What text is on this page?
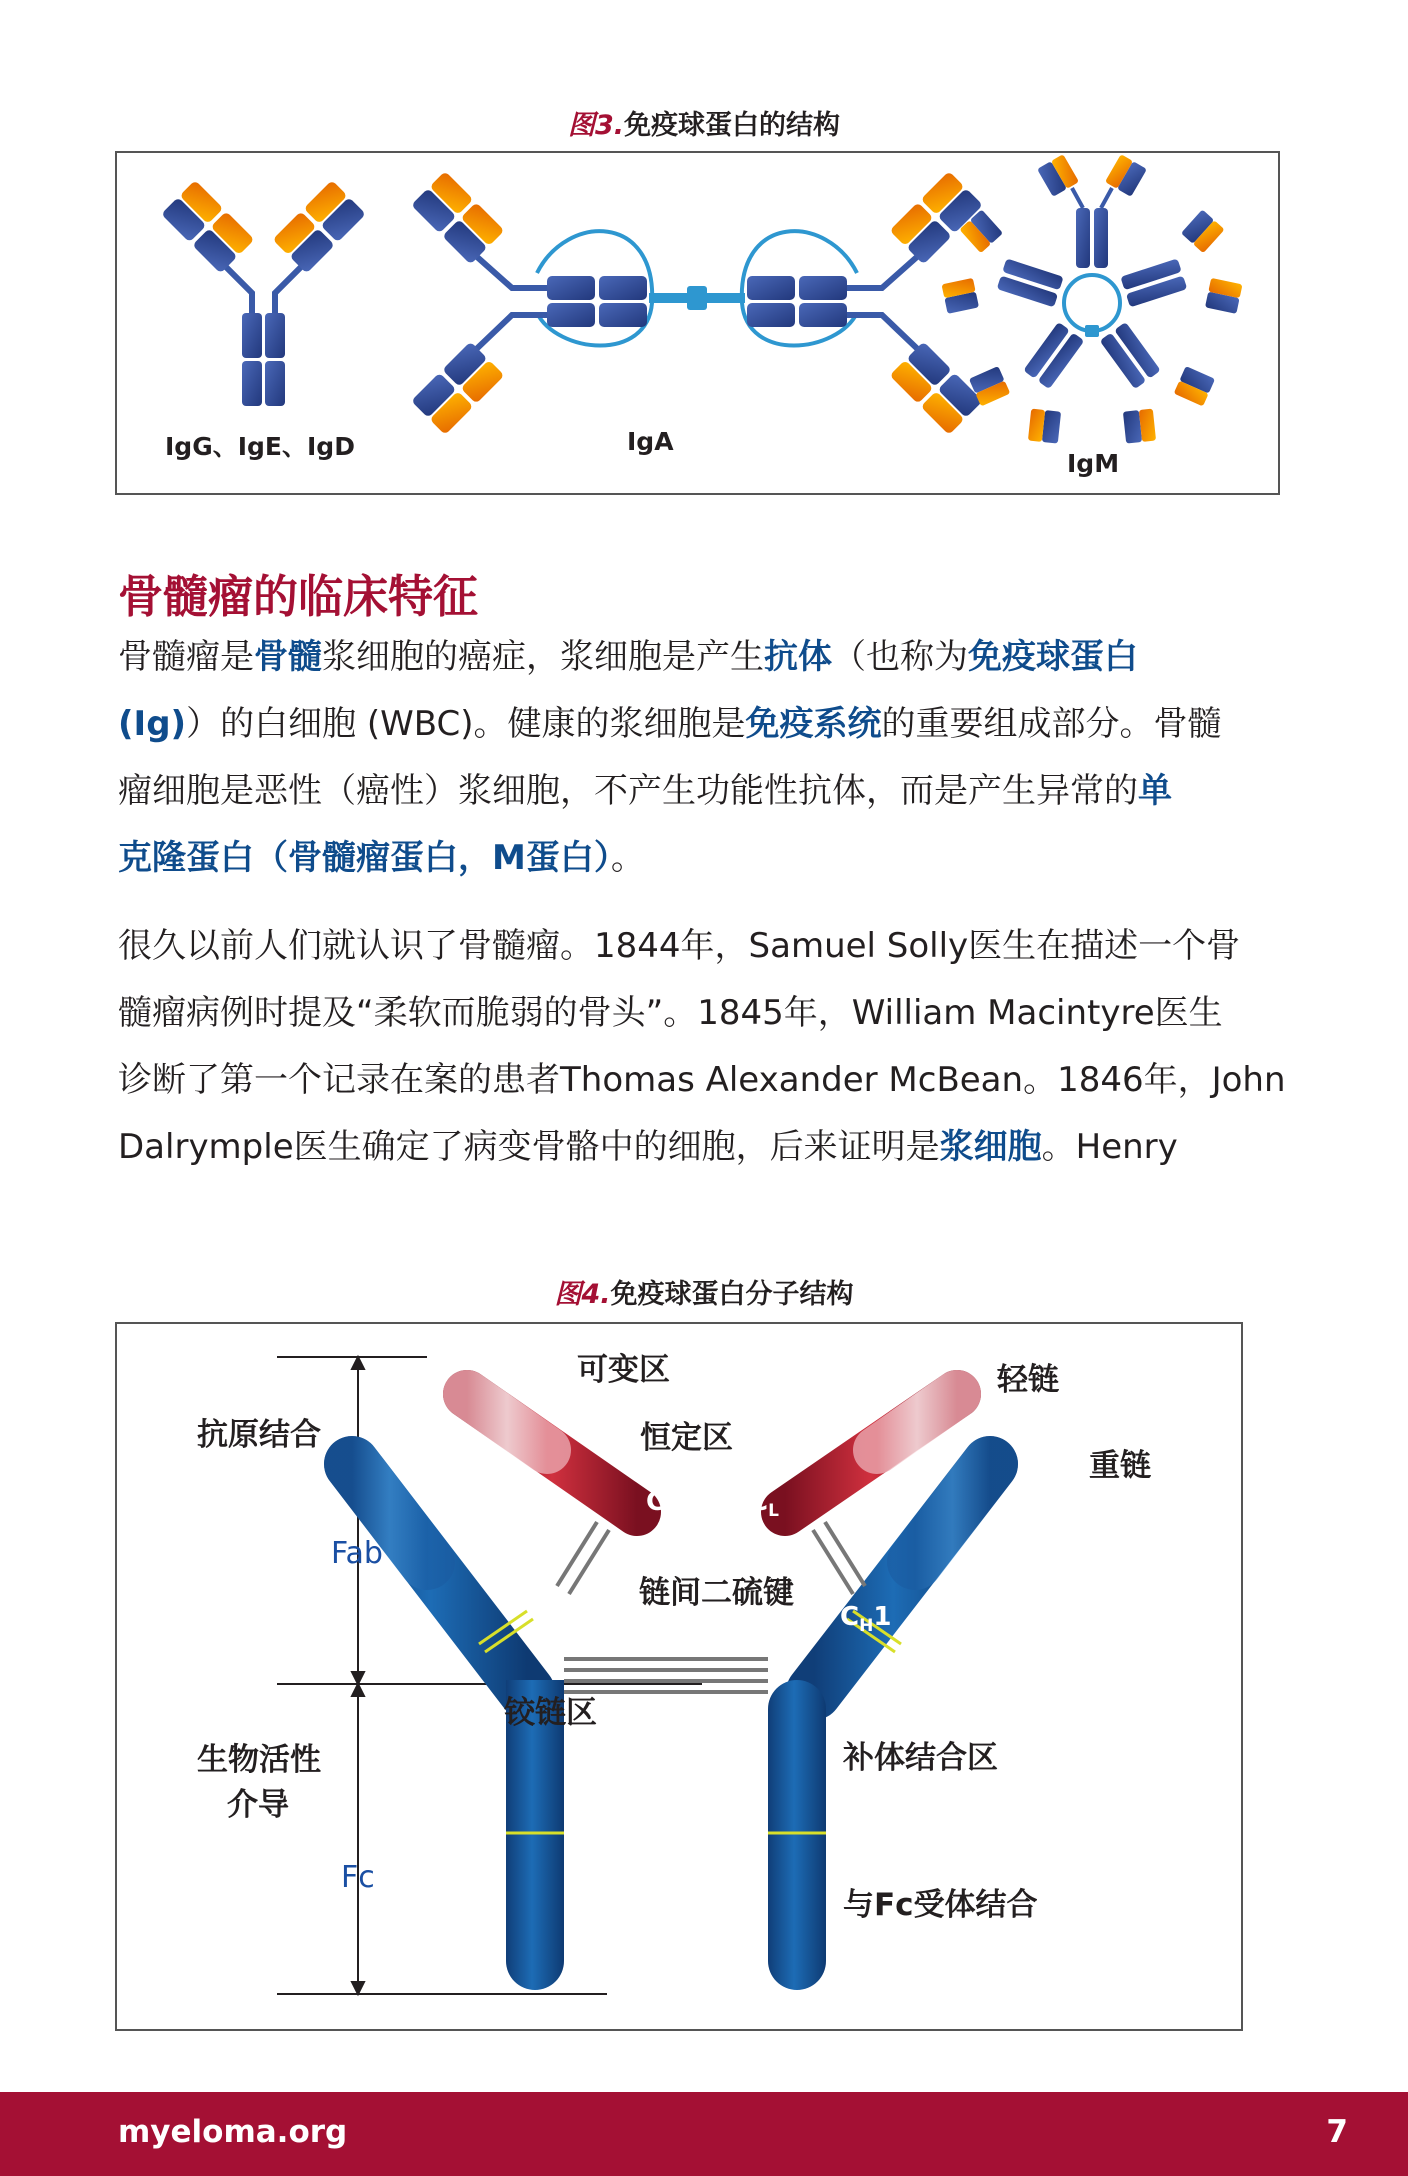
图3.免疫球蛋白的结构
IgG、IgE、IgD	IgA
IgM
骨髓瘤的临床特征
骨髓瘤是骨髓浆细胞的癌症，浆细胞是产生抗体（也称为免疫球蛋白
(Ig)）的白细胞 (WBC)。健康的浆细胞是免疫系统的重要组成部分。骨髓
瘤细胞是恶性（癌性）浆细胞，不产生功能性抗体，而是产生异常的单
克隆蛋白（骨髓瘤蛋白，M蛋白）。
很久以前人们就认识了骨髓瘤。1844年，Samuel Solly医生在描述一个骨
髓瘤病例时提及“柔软而脆弱的骨头”。1845年，William Macintyre医生
诊断了第一个记录在案的患者Thomas Alexander McBean。1846年，John
Dalrymple医生确定了病变骨骼中的细胞，后来证明是浆细胞。Henry
图4.免疫球蛋白分子结构
$C_L$	$C_L$
$C_H1$	$C_H1$
$C_H2$
$C_H3$
可变区	轻链
恒定区
重链
抗原结合
Fab
链间二硫键
铰链区
生物活性
介导
Fc
补体结合区
与Fc受体结合
myeloma.org	7
